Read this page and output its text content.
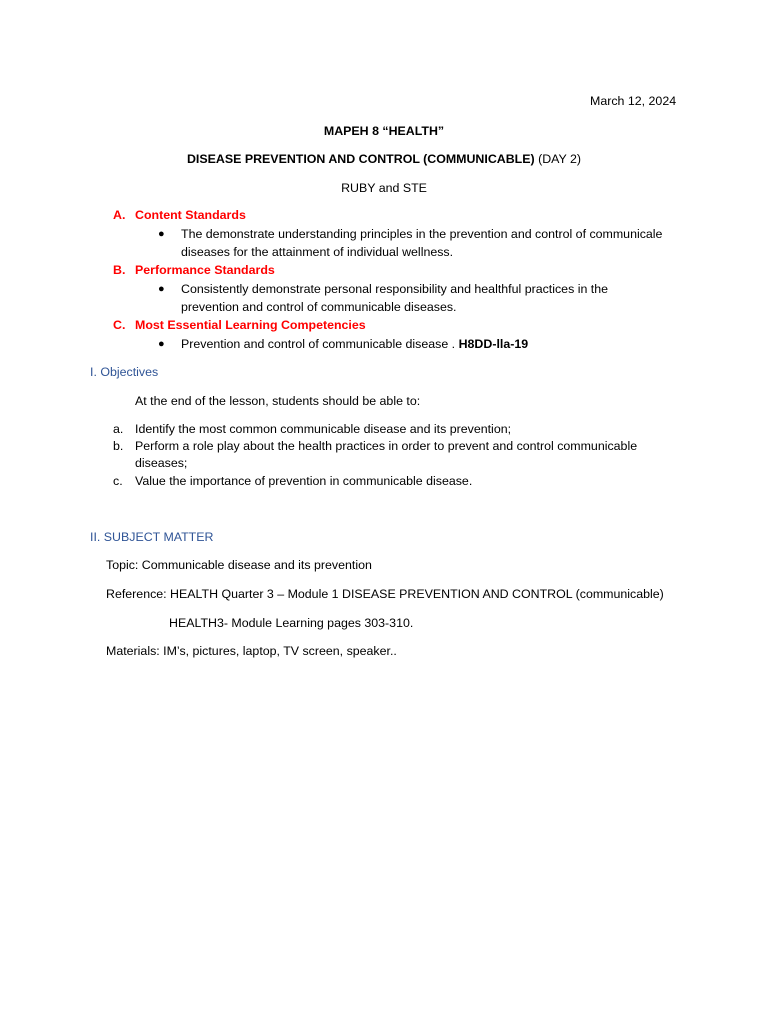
March 12, 2024
MAPEH 8 “HEALTH”
DISEASE PREVENTION AND CONTROL (COMMUNICABLE) (DAY 2)
RUBY and STE
A. Content Standards
● The demonstrate understanding principles in the prevention and control of communicale
diseases for the attainment of individual wellness.
B. Performance Standards
● Consistently demonstrate personal responsibility and healthful practices in the
prevention and control of communicable diseases.
C. Most Essential Learning Competencies
● Prevention and control of communicable disease . H8DD-lla-19
I. Objectives
At the end of the lesson, students should be able to:
a. Identify the most common communicable disease and its prevention;
b. Perform a role play about the health practices in order to prevent and control communicable
diseases;
c. Value the importance of prevention in communicable disease.
II. SUBJECT MATTER
Topic: Communicable disease and its prevention
Reference: HEALTH Quarter 3 – Module 1 DISEASE PREVENTION AND CONTROL (communicable)
HEALTH3- Module Learning pages 303-310.
Materials: IM’s, pictures, laptop, TV screen, speaker..
